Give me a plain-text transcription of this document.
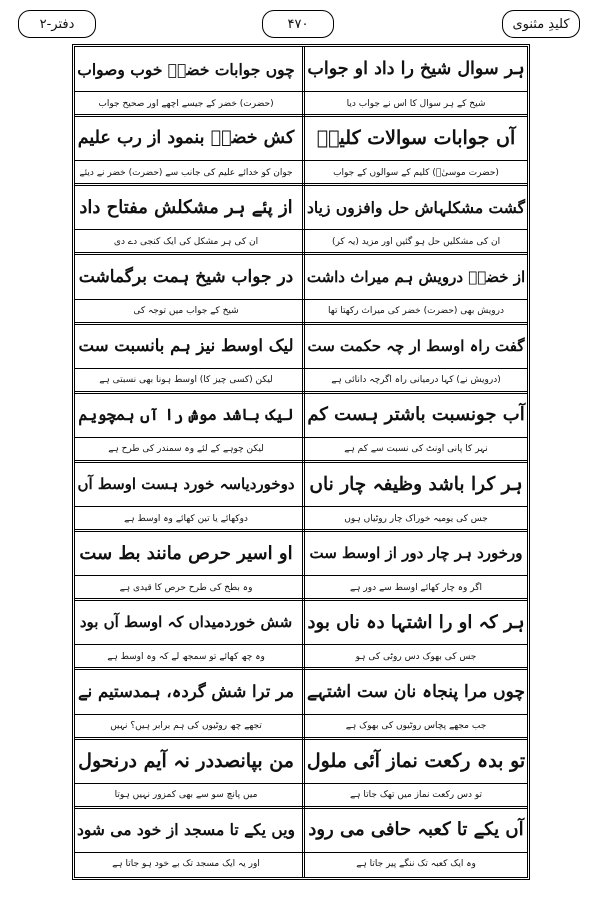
کلیدِ مثنوی
۴۷۰
دفتر-۲
ہر سوال شیخ را داد او جواب
چوں جوابات خضرؑ خوب وصواب
شیخ کے ہر سوال کا اس نے جواب دیا
(حضرت) خضر کے جیسے اچھے اور صحیح جواب
آں جوابات سوالات کلیمؑ
کش خضرؑ بنمود از رب علیم
(حضرت موسیٰؑ) کلیم کے سوالوں کے جواب
جوان کو خدائے علیم کی جانب سے (حضرت) خضر نے دیئے
گشت مشکلہاش حل وافزوں زیاد
از پئے ہر مشکلش مفتاح داد
ان کی مشکلیں حل ہو گئیں اور مزید (یہ کر)
ان کی ہر مشکل کی ایک کنجی دے دی
از خضرؑ درویش ہم میراث داشت
در جواب شیخ ہمت برگماشت
درویش بھی (حضرت) خضر کی میراث رکھتا تھا
شیخ کے جواب میں توجہ کی
گفت راہ اوسط ار چہ حکمت ست
لیک اوسط نیز ہم بانسبت ست
(درویش نے) کہا درمیانی راہ اگرچہ دانائی ہے
لیکن (کسی چیز کا) اوسط ہونا بھی نسبتی ہے
آب جونسبت باشتر ہست کم
لیک باشد موش را آں ہمچویم
نہر کا پانی اونٹ کی نسبت سے کم ہے
لیکن چوہے کے لئے وہ سمندر کی طرح ہے
ہر کرا باشد وظیفہ چار ناں
دوخوردیاسہ خورد ہست اوسط آں
جس کی یومیہ خوراک چار روٹیاں ہوں
دوکھائے یا تین کھائے وہ اوسط ہے
ورخورد ہر چار دور از اوسط ست
او اسیر حرص مانند بط ست
اگر وہ چار کھائے اوسط سے دور ہے
وہ بطخ کی طرح حرص کا قیدی ہے
ہر کہ او را اشتہا دہ ناں بود
شش خوردمیداں کہ اوسط آں بود
جس کی بھوک دس روٹی کی ہو
وہ چھ کھائے تو سمجھ لے کہ وہ اوسط ہے
چوں مرا پنجاہ نان ست اشتہے
مر ترا شش گردہ، ہمدستیم نے
جب مجھے پچاس روٹیوں کی بھوک ہے
تجھے چھ روٹیوں کی ہم برابر ہیں؟ نہیں
تو بدہ رکعت نماز آئی ملول
من بپانصددر نہ آیم درنحول
تو دس رکعت نماز میں تھک جاتا ہے
میں پانچ سو سے بھی کمزور نہیں ہوتا
آں یکے تا کعبہ حافی می رود
ویں یکے تا مسجد از خود می شود
وہ ایک کعبہ تک ننگے پیر جاتا ہے
اور یہ ایک مسجد تک بے خود ہو جاتا ہے
